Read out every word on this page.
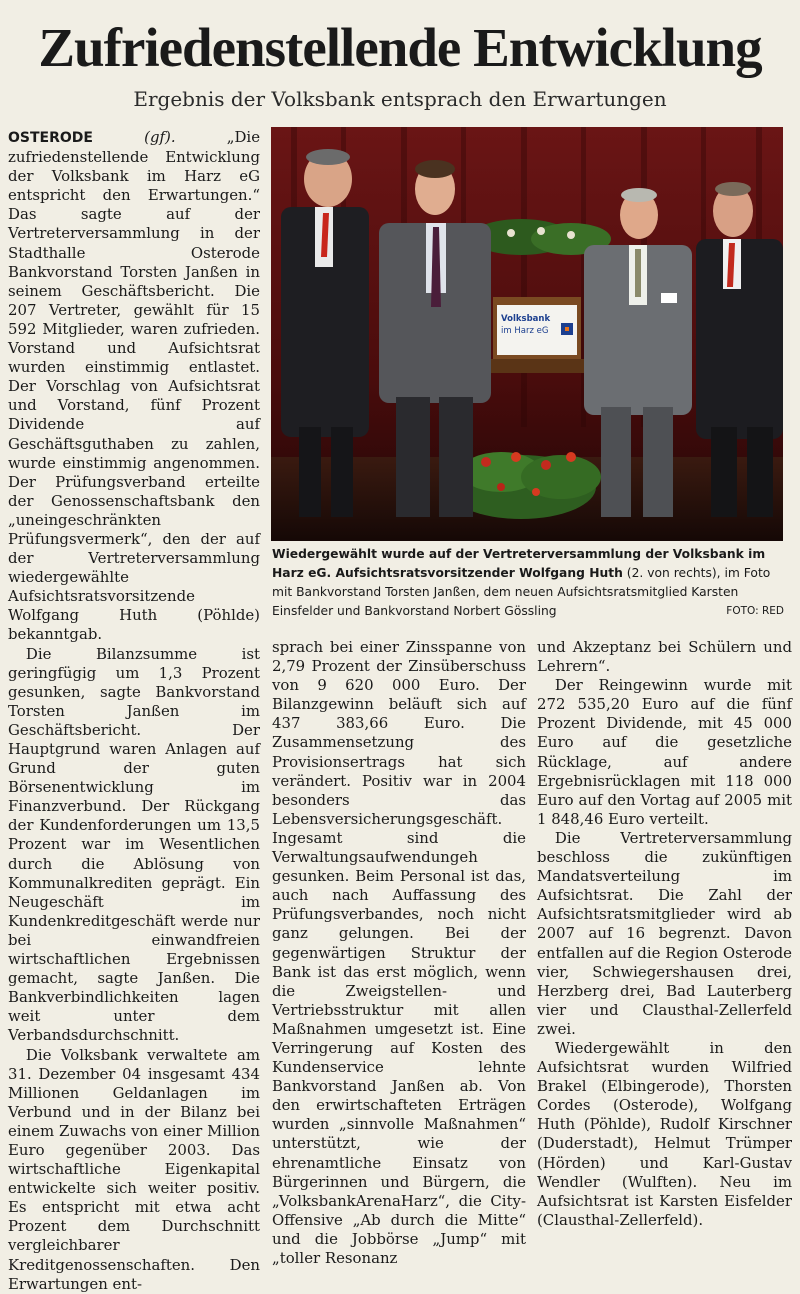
Zufriedenstellende Entwicklung
Ergebnis der Volksbank entsprach den Erwartungen

OSTERODE	(gf).	„Die zufriedenstellende Entwicklung der Volksbank im Harz eG entspricht den Erwartungen.“ Das sagte auf der Vertreterversammlung in der Stadthalle Osterode Bankvorstand Torsten Janßen in seinem Geschäftsbericht. Die 207 Vertreter, gewählt für 15 592 Mitglieder, waren zufrieden. Vorstand und Aufsichtsrat wurden einstimmig entlastet. Der Vorschlag von Aufsichtsrat und Vorstand, fünf Prozent Dividende auf Geschäftsguthaben zu zahlen, wurde einstimmig angenommen. Der Prüfungsverband erteilte der Genossenschaftsbank den „uneingeschränkten Prüfungsvermerk“, den der auf der Vertreterversammlung wiedergewählte Aufsichtsratsvorsitzende Wolfgang Huth (Pöhlde) bekanntgab.

Die Bilanzsumme ist geringfügig um 1,3 Prozent gesunken, sagte Bankvorstand Torsten Janßen im Geschäftsbericht. Der Hauptgrund waren Anlagen auf Grund der guten Börsenentwicklung im Finanzverbund. Der Rückgang der Kundenforderungen um 13,5 Prozent war im Wesentlichen durch die Ablösung von Kommunalkrediten geprägt. Ein Neugeschäft im Kundenkreditgeschäft werde nur bei einwandfreien wirtschaftlichen Ergebnissen gemacht, sagte Janßen. Die Bankverbindlichkeiten lagen weit unter dem Verbandsdurchschnitt.

Die Volksbank verwaltete am 31. Dezember 04 insgesamt 434 Millionen Geldanlagen im Verbund und in der Bilanz bei einem Zuwachs von einer Million Euro gegenüber 2003. Das wirtschaftliche Eigenkapital entwickelte sich weiter positiv. Es entspricht mit etwa acht Prozent dem Durchschnitt vergleichbarer Kreditgenossenschaften. Den Erwartungen ent-

Volksbank
im Harz eG

Wiedergewählt wurde auf der Vertreterversammlung der Volksbank im Harz eG. Aufsichtsratsvorsitzender Wolfgang Huth (2. von rechts), im Foto mit Bankvorstand Torsten Janßen, dem neuen Aufsichtsratsmitglied Karsten Einsfelder und Bankvorstand Norbert Gössling	FOTO: RED

sprach bei einer Zinsspanne von 2,79 Prozent der Zinsüberschuss von 9 620 000 Euro. Der Bilanzgewinn beläuft sich auf 437 383,66 Euro. Die Zusammensetzung des Provisionsertrags hat sich verändert. Positiv war in 2004 besonders das Lebensversicherungsgeschäft. Ingesamt sind die Verwaltungsaufwendungeh gesunken. Beim Personal ist das, auch nach Auffassung des Prüfungsverbandes, noch nicht ganz gelungen. Bei der gegenwärtigen Struktur der Bank ist das erst möglich, wenn die Zweigstellen- und Vertriebsstruktur mit allen Maßnahmen umgesetzt ist. Eine Verringerung auf Kosten des Kundenservice lehnte Bankvorstand Janßen ab. Von den erwirtschafteten Erträgen wurden „sinnvolle Maßnahmen“ unterstützt, wie der ehrenamtliche Einsatz von Bürgerinnen und Bürgern, die „VolksbankArenaHarz“, die City-Offensive „Ab durch die Mitte“ und die Jobbörse „Jump“ mit „toller Resonanz

und Akzeptanz bei Schülern und Lehrern“.

Der Reingewinn wurde mit 272 535,20 Euro auf die fünf Prozent Dividende, mit 45 000 Euro auf die gesetzliche Rücklage, auf andere Ergebnisrücklagen mit 118 000 Euro auf den Vortag auf 2005 mit 1 848,46 Euro verteilt.

Die Vertreterversammlung beschloss die zukünftigen Mandatsverteilung im Aufsichtsrat. Die Zahl der Aufsichtsratsmitglieder wird ab 2007 auf 16 begrenzt. Davon entfallen auf die Region Osterode vier, Schwiegershausen drei, Herzberg drei, Bad Lauterberg vier und Clausthal-Zellerfeld zwei.

Wiedergewählt in den Aufsichtsrat wurden Wilfried Brakel (Elbingerode), Thorsten Cordes (Osterode), Wolfgang Huth (Pöhlde), Rudolf Kirschner (Duderstadt), Helmut Trümper (Hörden) und Karl-Gustav Wendler (Wulften). Neu im Aufsichtsrat ist Karsten Eisfelder (Clausthal-Zellerfeld).
